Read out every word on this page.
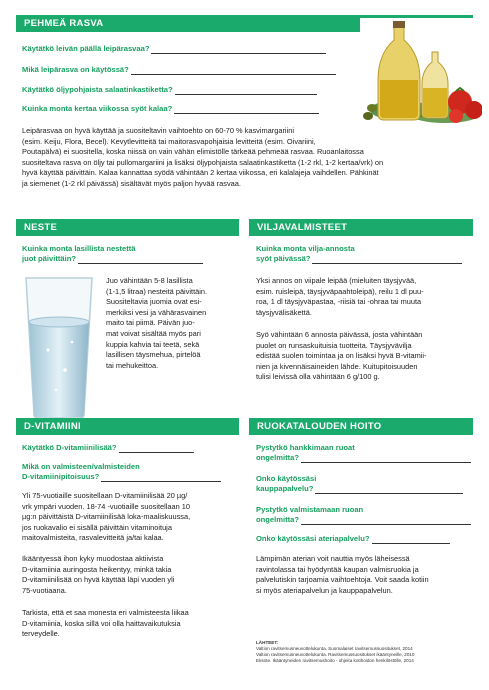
PEHMEÄ RASVA
Käytätkö leivän päällä leipärasvaa?
Mikä leipärasva on käytössä?
Käytätkö öljypohjaista salaatinkastiketta?
Kuinka monta kertaa viikossa syöt kalaa?
Leipärasvaa on hyvä käyttää ja suositeltavin vaihtoehto on 60-70 % kasvimargariini
(esim. Keiju, Flora, Becel). Kevytlevitteitä tai maitorasvapohjaisia levitteitä (esim. Oivariini,
Poutapälvä) ei suositella, koska niissä on vain vähän elimistölle tärkeää pehmeää rasvaa. Ruoanlaitossa
suositeltava rasva on öljy tai pullomargariini ja lisäksi öljypohjaista salaatinkastiketta (1-2 rkl, 1-2 kertaa/vrk) on
hyvä käyttää päivittäin. Kalaa kannattaa syödä vähintään 2 kertaa viikossa, eri kalalajeja vaihdellen. Pähkinät
ja siemenet (1-2 rkl päivässä) sisältävät myös paljon hyvää rasvaa.
NESTE
Kuinka monta lasillista nestettä
juot päivittäin?
Juo vähintään 5-8 lasillista
(1-1,5 litraa) nesteitä päivittäin.
Suositeltavia juomia ovat esi-
merkiksi vesi ja vähärasvainen
maito tai piimä. Päivän juo-
mat voivat sisältää myös pari
kuppia kahvia tai teetä, sekä
lasillisen täysmehua, pirtelöä
tai mehukeittoa.
VILJAVALMISTEET
Kuinka monta vilja-annosta
syöt päivässä?
Yksi annos on viipale leipää (mieluiten täysjyvää,
esim. ruisleipä, täysjyväpaahtoleipä), reilu 1 dl puu-
roa, 1 dl täysjyväpastaa, -riisiä tai -ohraa tai muuta
täysjyvälisäkettä.
Syö vähintään 6 annosta päivässä, josta vähintään
puolet on runsaskuituisia tuotteita. Täysjyväviljа
edistää suolen toimintaa ja on lisäksi hyvä B-vitamii-
nien ja kivennäisaineiden lähde. Kuitupitoisuuden
tulisi leivissä olla vähintään 6 g/100 g.
D-VITAMIINI
Käytätkö D-vitamiinilisää?
Mikä on valmisteen/valmisteiden
D-vitamiinipitoisuus?
Yli 75-vuotiaille suositellaan D-vitamiinilisää 20 µg/
vrk ympäri vuoden. 18-74 -vuotiaille suositellaan 10
µg:n päivittäistä D-vitamiinilisää loka-maaliskuussa,
jos ruokavalio ei sisällä päivittäin vitaminoituja
maitovalmisteita, rasvalevitteitä ja/tai kalaa.
Ikääntyessä ihon kyky muodostaa aktiivista
D-vitamiinia auringosta heikentyy, minkä takia
D-vitamiinilisää on hyvä käyttää läpi vuoden yli
75-vuotiaana.
Tarkista, että et saa monesta eri valmisteesta liikaa
D-vitamiinia, koska sillä voi olla haittavaikutuksia
terveydelle.
RUOKATALOUDEN HOITO
Pystytkö hankkimaan ruoat
ongelmitta?
Onko käytössäsi
kauppapalvelu?
Pystytkö valmistamaan ruoan
ongelmitta?
Onko käytössäsi ateriapalvelu?
Lämpimän aterian voit nauttia myös läheisessä
ravintolassa tai hyödyntää kaupan valmisruokia ja
palvelutiskin tarjoamia vaihtoehtoja. Voit saada kotiin
si myös ateriapalvelun ja kauppapalvelun.
LÄHTEET:
Valtion ravitsemusneuvottelukunta. Suomalaiset ravitsemussuositukset, 2014
Valtion ravitsemusneuvottelukunta. Ravitsemussuositukset ikääntyneille, 2010
Eksote. Ikääntyneiden ravitsemushoito - ohjeita kotihoidon henkilöstölle, 2014
